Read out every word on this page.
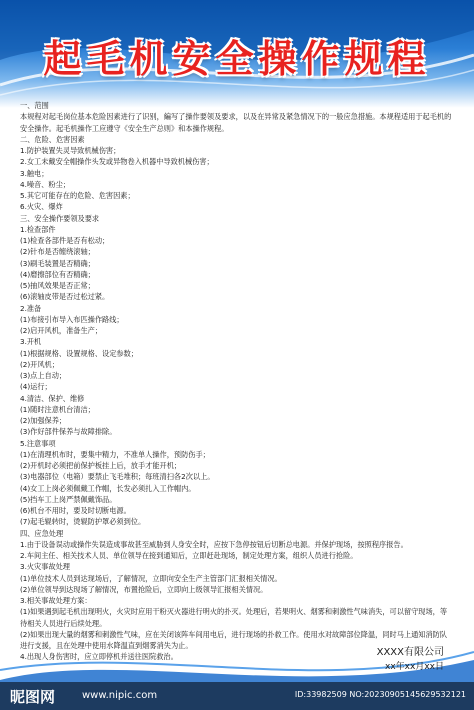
起毛机安全操作规程
一、范围
本规程对起毛岗位基本危险因素进行了识别，編写了操作要领及要求，以及在异常及紧急情况下的一般应急措施。本规程适用于起毛机的安全操作。起毛机操作工应遵守《安全生产总则》和本操作规程。
二、危险、危害因素
1.防护装置失灵导致机械伤害；
2.女工未戴安全帽操作头发或异物卷入机器中导致机械伤害；
3.触电；
4.噪音、粉尘；
5.其它可能存在的危险、危害因素；
6.火灾、爆炸
三、安全操作要领及要求
1.检查部件
(1)检查各部件是否有松动；
(2)针布是否缠绕滚轴；
(3)刷毛装置是否精确；
(4)磨擦部位有否精确；
(5)抽风效果是否正常；
(6)滚轴皮带是否过松过紧。
2.准备
(1)布接引布导入布匹操作路线；
(2)启开风机，准备生产；
3.开机
(1)根据规格、设置规格、设定参数；
(2)开风机；
(3)点上自动；
(4)运行；
4.清洁、保护、维修
(1)随时注意机台清洁；
(2)加强保养；
(3)作好部件保养与故障排除。
5.注意事项
(1)在清理机布时，要集中精力，不准单人操作，预防伤手；
(2)开机时必须把前保护板挂上后，放手才能开机；
(3)电器部位（电箱）要禁止飞毛堆积；每班清扫各2次以上。
(4)女工上岗必须佩戴工作帽，长发必须扎入工作帽内。
(5)挡车工上岗严禁佩戴饰品。
(6)机台不用时，要及时切断电源。
(7)起毛辊转时，烫辊防护罩必须到位。
四、应急处理
1.由于设备误动或操作失误造成事故甚至威胁到人身安全时，应按下急停按钮后切断总电源。并保护现场，按照程序报告。
2.车间主任、相关技术人员、单位领导在接到通知后，立即赶赴现场，制定处理方案，组织人员进行抢险。
3.火灾事故处理
(1)单位技术人员到达现场后，了解情况，立即向安全生产主管部门汇报相关情况。
(2)单位领导到达现场了解情况，布置抢险后，立即向上级领导汇报相关情况。
3.相关事故处理方案：
(1)如果遇到起毛机出现明火，火灾时应用干粉灭火器进行明火的扑灭。处理后，若果明火、烟雾和刺激性气味消失，可以留守现场，等待相关人员进行后续处理。
(2)如果出现大量的烟雾和刺激性气味，应在关闭该阵车间用电后，进行现场的扑救工作。使用水对故障部位降温，同时马上通知消防队进行支援，且在处理中使用水降温直到烟雾消失为止。
4.出现人身伤害时，应立即停机并送往医院救治。	XXXX有限公司
xx年xx月xx日
昵图网	www.nipic.com	ID:33982509 NO:20230905145629532121
